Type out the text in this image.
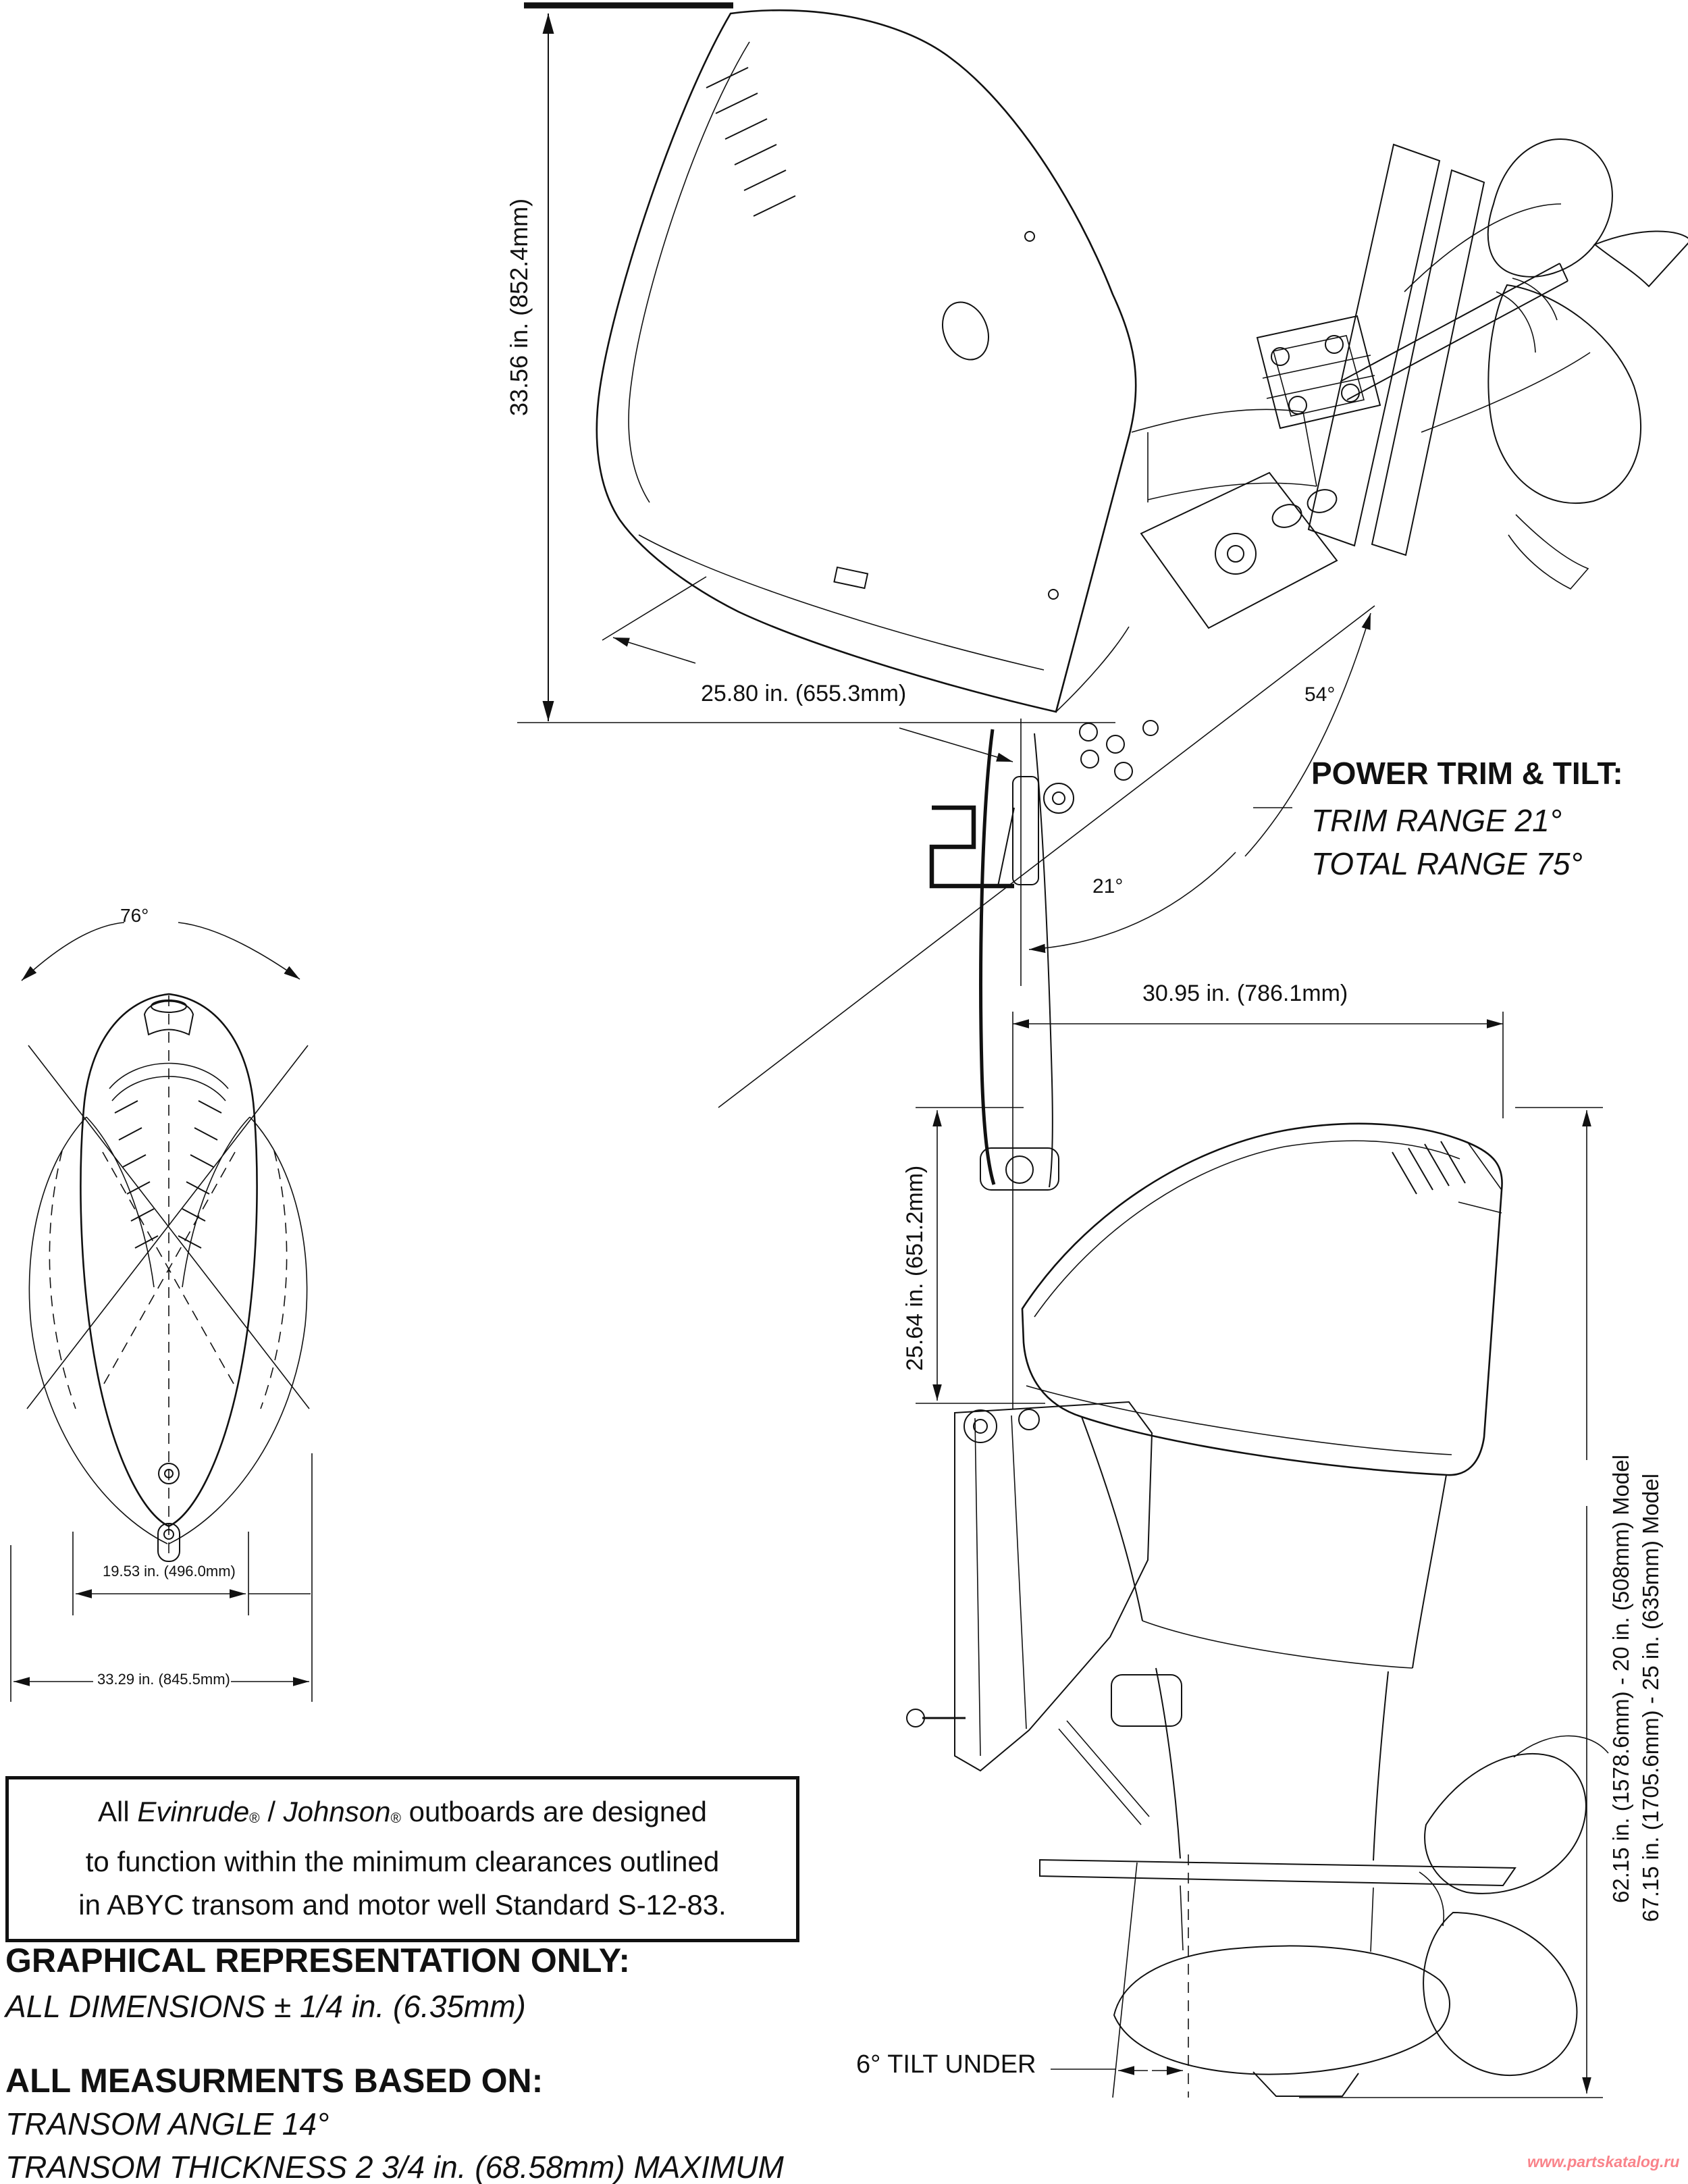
33.56 in. (852.4mm)
25.80 in. (655.3mm)	54°
21°
POWER TRIM & TILT:
TRIM RANGE 21°
TOTAL RANGE 75°
76°
19.53 in. (496.0mm)
33.29 in. (845.5mm)
30.95 in. (786.1mm)
25.64 in. (651.2mm)
62.15 in. (1578.6mm) - 20 in. (508mm) Model 67.15 in. (1705.6mm) - 25 in. (635mm) Model
6° TILT UNDER
All Evinrude® / Johnson® outboards are designed
to function within the minimum clearances outlined
in ABYC transom and motor well Standard S-12-83.
GRAPHICAL REPRESENTATION ONLY:
ALL DIMENSIONS ± 1/4 in. (6.35mm)
ALL MEASURMENTS BASED ON:
TRANSOM ANGLE 14°
TRANSOM THICKNESS 2 3/4 in. (68.58mm) MAXIMUM	www.partskatalog.ru
